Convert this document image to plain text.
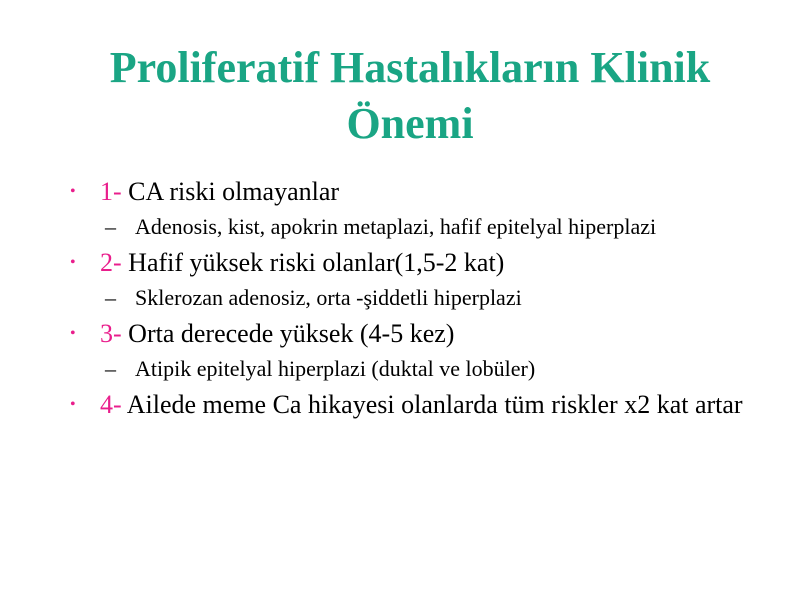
Proliferatif Hastalıkların Klinik
Önemi
• 1- CA riski olmayanlar
– Adenosis, kist, apokrin metaplazi, hafif epitelyal hiperplazi
• 2- Hafif yüksek riski olanlar(1,5-2 kat)
– Sklerozan adenosiz, orta -şiddetli hiperplazi
• 3- Orta derecede yüksek (4-5 kez)
– Atipik epitelyal hiperplazi (duktal ve lobüler)
• 4- Ailede meme Ca hikayesi olanlarda tüm riskler x2 kat artar
